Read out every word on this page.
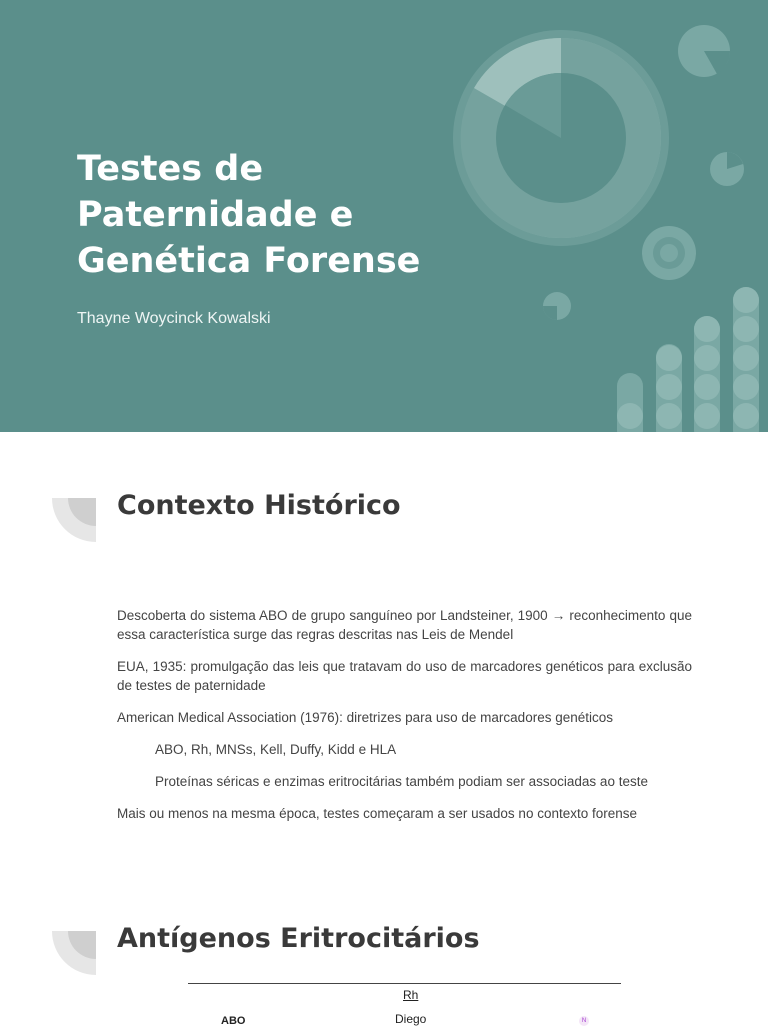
Testes de Paternidade e Genética Forense

Thayne Woycinck Kowalski

Contexto Histórico

Descoberta do sistema ABO de grupo sanguíneo por Landsteiner, 1900 → reconhecimento que essa característica surge das regras descritas nas Leis de Mendel

EUA, 1935: promulgação das leis que tratavam do uso de marcadores genéticos para exclusão de testes de paternidade

American Medical Association (1976): diretrizes para uso de marcadores genéticos

ABO, Rh, MNSs, Kell, Duffy, Kidd e HLA

Proteínas séricas e enzimas eritrocitárias também podiam ser associadas ao teste

Mais ou menos na mesma época, testes começaram a ser usados no contexto forense

Antígenos Eritrocitários
Rh
ABO	Diego	N
